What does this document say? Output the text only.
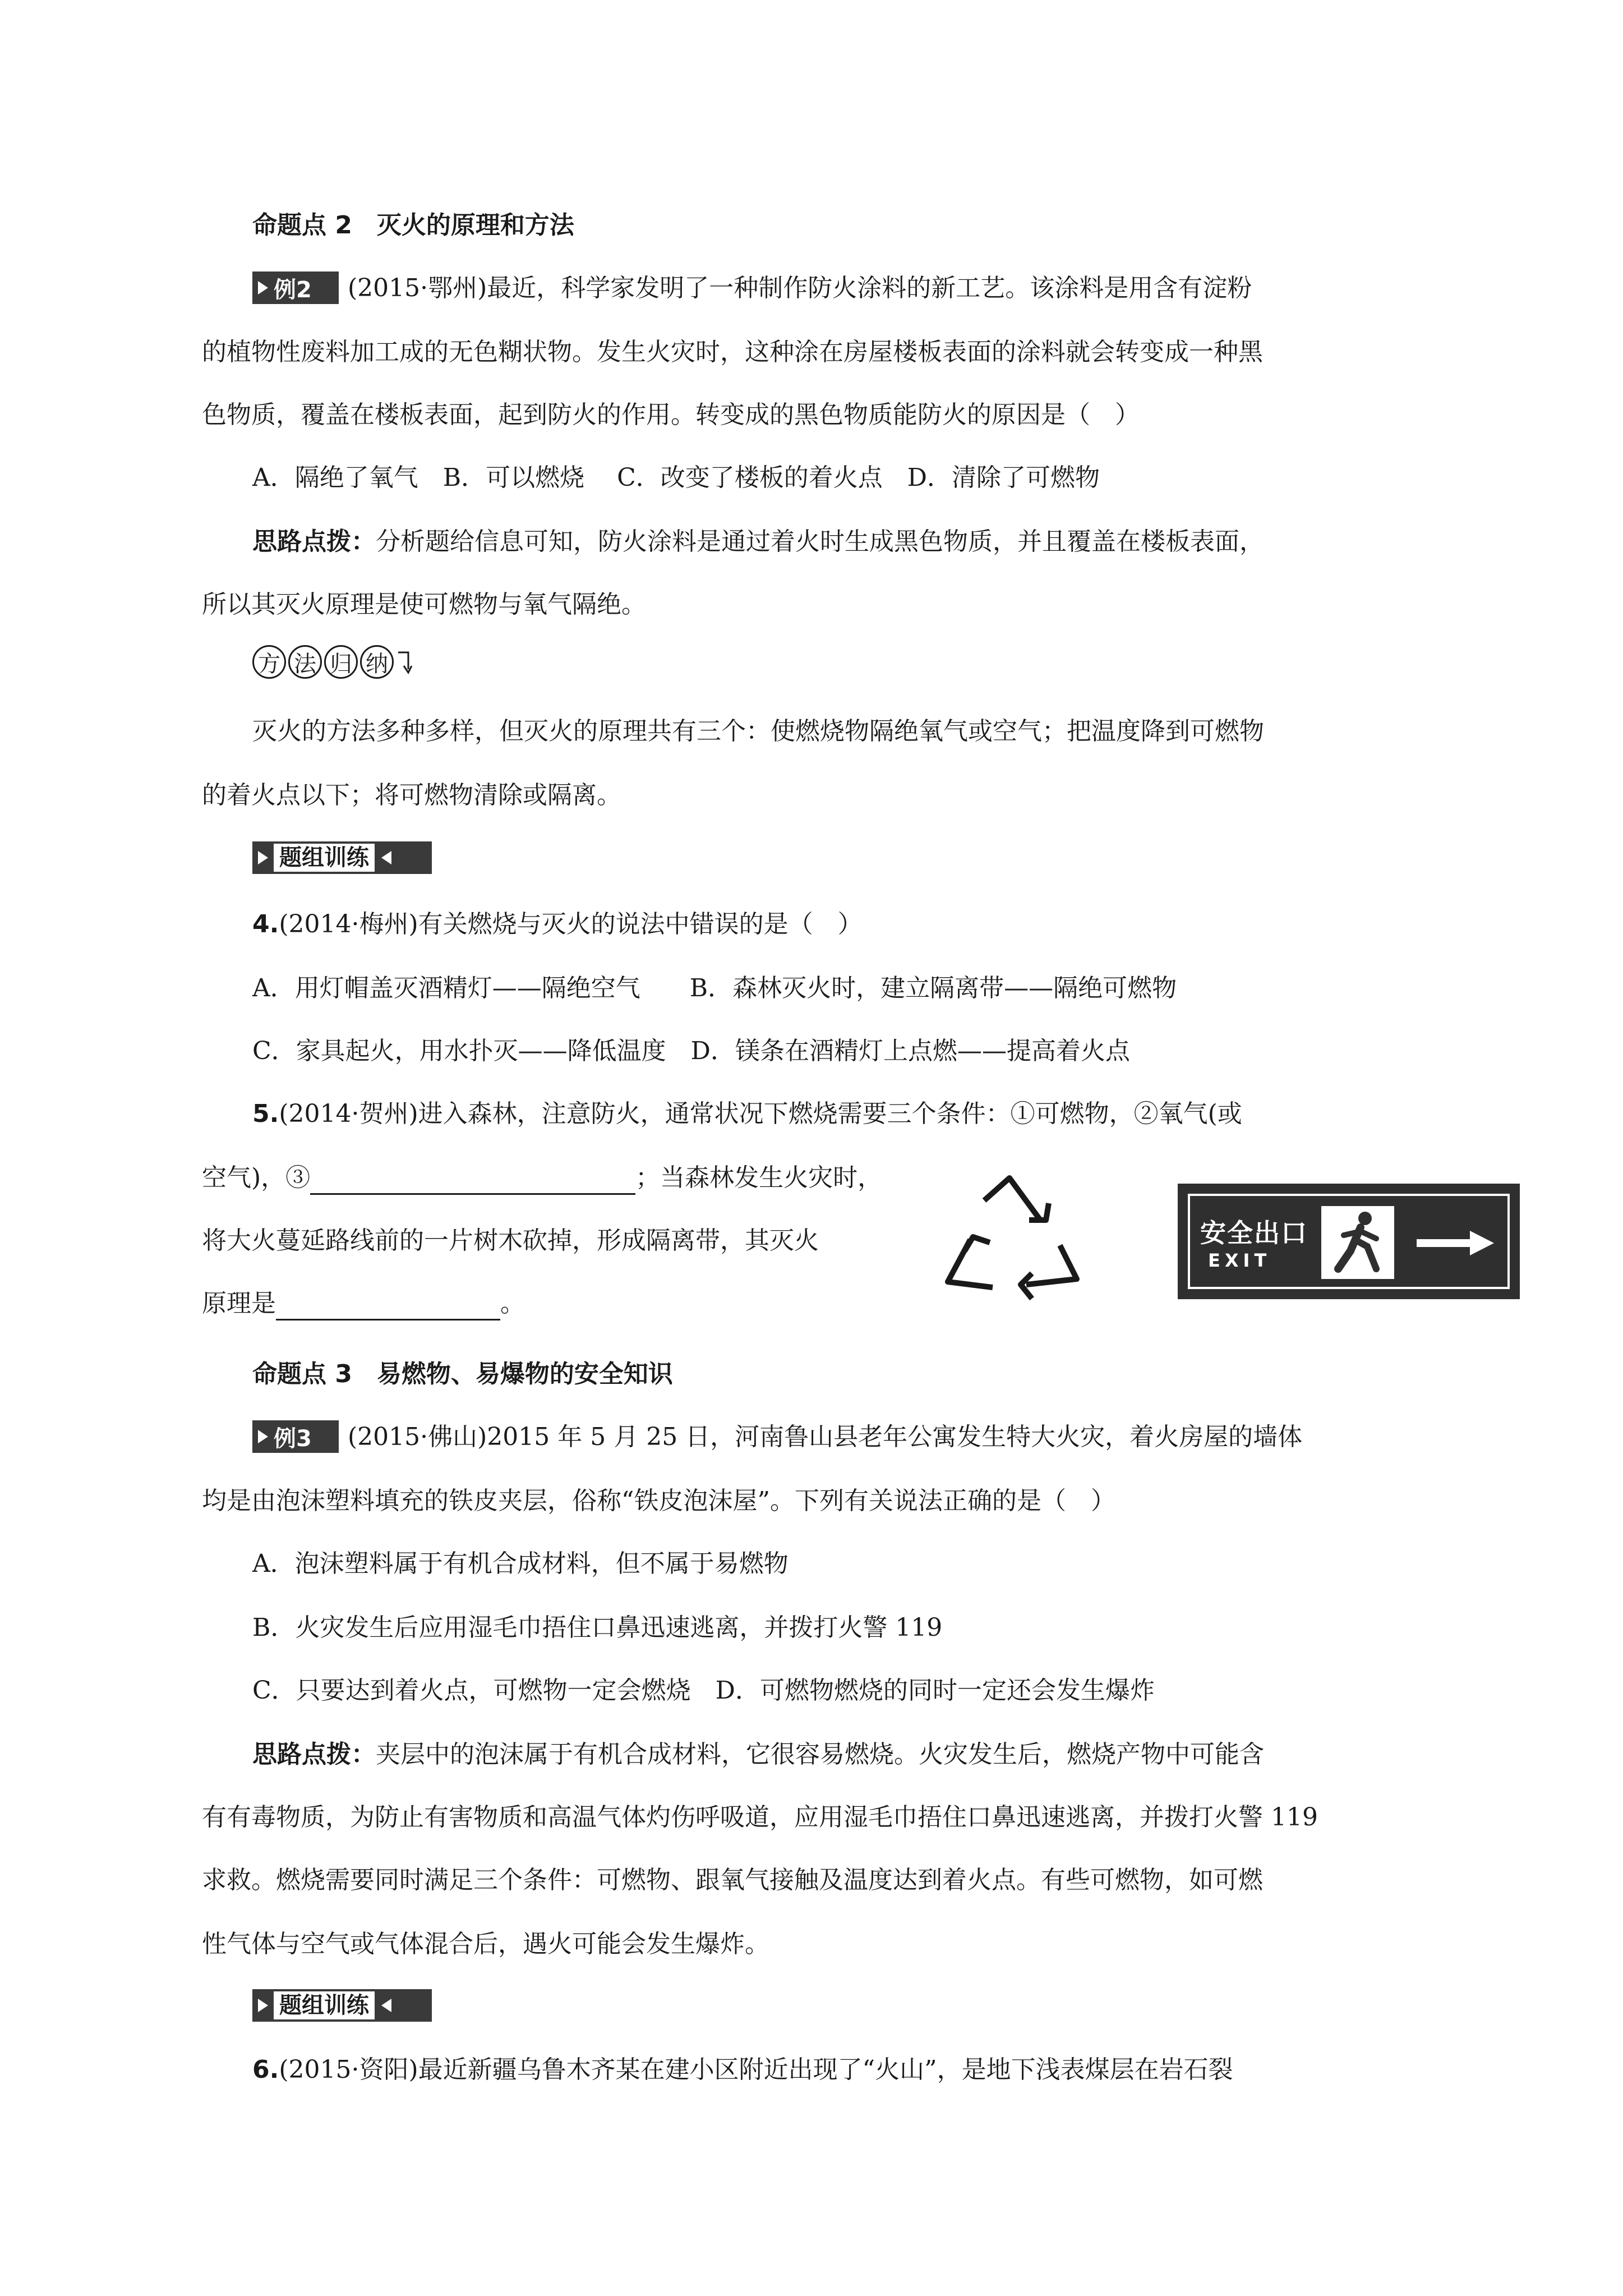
命题点 2　灭火的原理和方法
例2 (2015·鄂州)最近，科学家发明了一种制作防火涂料的新工艺。该涂料是用含有淀粉
的植物性废料加工成的无色糊状物。发生火灾时，这种涂在房屋楼板表面的涂料就会转变成一种黑
色物质，覆盖在楼板表面，起到防火的作用。转变成的黑色物质能防火的原因是（　）
A．隔绝了氧气　B．可以燃烧　 C．改变了楼板的着火点　D．清除了可燃物
思路点拨：分析题给信息可知，防火涂料是通过着火时生成黑色物质，并且覆盖在楼板表面，
所以其灭火原理是使可燃物与氧气隔绝。
方 法 归 纳
灭火的方法多种多样，但灭火的原理共有三个：使燃烧物隔绝氧气或空气；把温度降到可燃物
的着火点以下；将可燃物清除或隔离。
题组训练
4.(2014·梅州)有关燃烧与灭火的说法中错误的是（　）
A．用灯帽盖灭酒精灯——隔绝空气　　B．森林灭火时，建立隔离带——隔绝可燃物
C．家具起火，用水扑灭——降低温度　D．镁条在酒精灯上点燃——提高着火点
5.(2014·贺州)进入森林，注意防火，通常状况下燃烧需要三个条件：①可燃物，②氧气(或
空气)，③	；当森林发生火灾时，
将大火蔓延路线前的一片树木砍掉，形成隔离带，其灭火
原理是	。
安全出口
EXIT
命题点 3　易燃物、易爆物的安全知识
例3 (2015·佛山)2015 年 5 月 25 日，河南鲁山县老年公寓发生特大火灾，着火房屋的墙体
均是由泡沫塑料填充的铁皮夹层，俗称“铁皮泡沫屋”。下列有关说法正确的是（　）
A．泡沫塑料属于有机合成材料，但不属于易燃物
B．火灾发生后应用湿毛巾捂住口鼻迅速逃离，并拨打火警 119
C．只要达到着火点，可燃物一定会燃烧　D．可燃物燃烧的同时一定还会发生爆炸
思路点拨：夹层中的泡沫属于有机合成材料，它很容易燃烧。火灾发生后，燃烧产物中可能含
有有毒物质，为防止有害物质和高温气体灼伤呼吸道，应用湿毛巾捂住口鼻迅速逃离，并拨打火警 119
求救。燃烧需要同时满足三个条件：可燃物、跟氧气接触及温度达到着火点。有些可燃物，如可燃
性气体与空气或气体混合后，遇火可能会发生爆炸。
题组训练
6.(2015·资阳)最近新疆乌鲁木齐某在建小区附近出现了“火山”，是地下浅表煤层在岩石裂
